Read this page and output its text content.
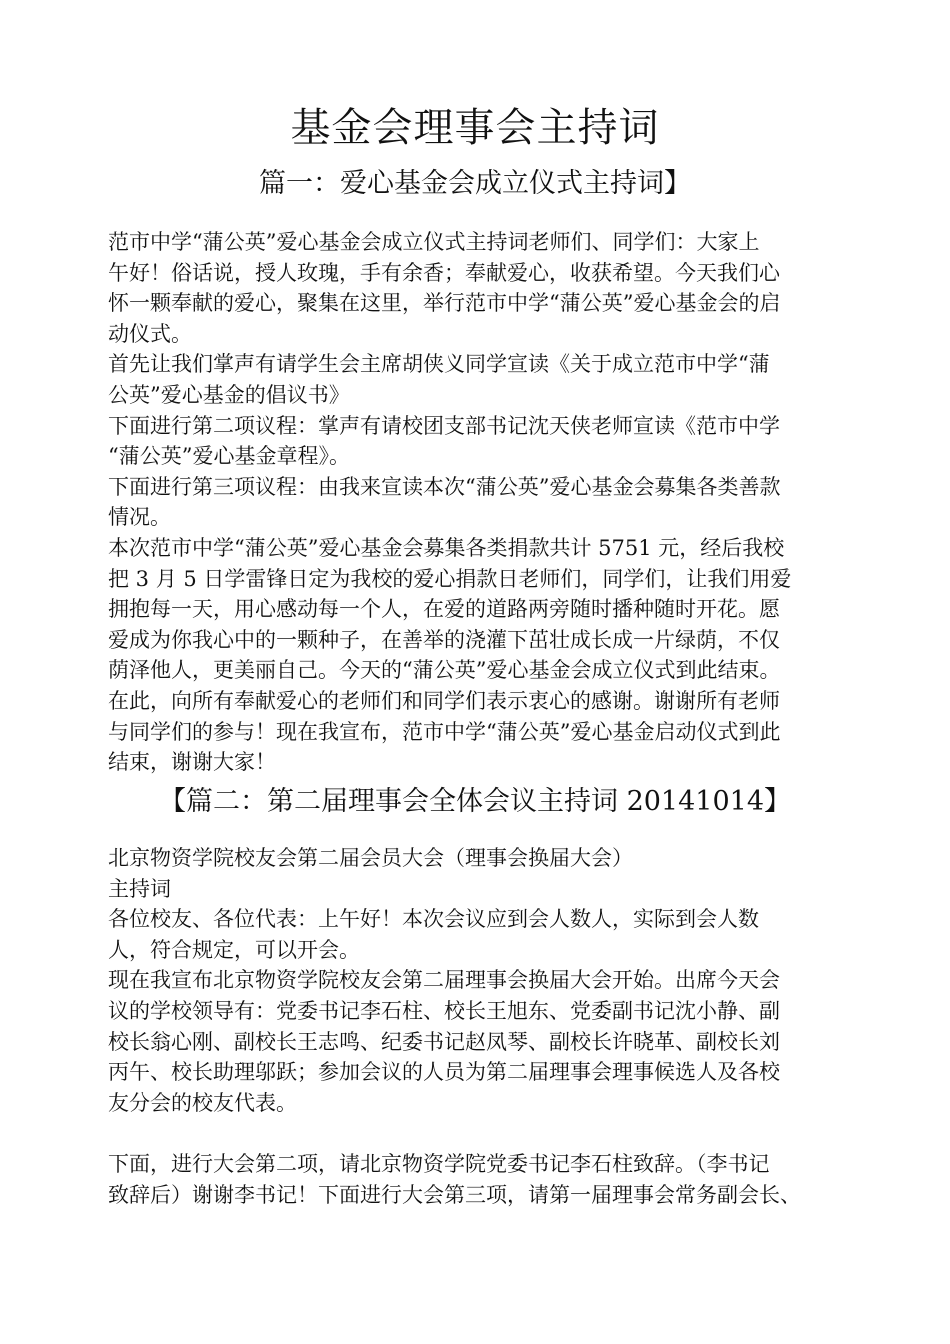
基金会理事会主持词
篇一：爱心基金会成立仪式主持词】
范市中学“蒲公英”爱心基金会成立仪式主持词老师们、同学们：大家上
午好！俗话说，授人玫瑰，手有余香；奉献爱心，收获希望。今天我们心
怀一颗奉献的爱心，聚集在这里，举行范市中学“蒲公英”爱心基金会的启
动仪式。
首先让我们掌声有请学生会主席胡侠义同学宣读《关于成立范市中学“蒲
公英”爱心基金的倡议书》
下面进行第二项议程：掌声有请校团支部书记沈天侠老师宣读《范市中学
“蒲公英”爱心基金章程》。
下面进行第三项议程：由我来宣读本次“蒲公英”爱心基金会募集各类善款
情况。
本次范市中学“蒲公英”爱心基金会募集各类捐款共计 5751 元，经后我校
把 3 月 5 日学雷锋日定为我校的爱心捐款日老师们，同学们，让我们用爱
拥抱每一天，用心感动每一个人，在爱的道路两旁随时播种随时开花。愿
爱成为你我心中的一颗种子，在善举的浇灌下茁壮成长成一片绿荫，不仅
荫泽他人，更美丽自己。今天的“蒲公英”爱心基金会成立仪式到此结束。
在此，向所有奉献爱心的老师们和同学们表示衷心的感谢。谢谢所有老师
与同学们的参与！现在我宣布，范市中学“蒲公英”爱心基金启动仪式到此
结束，谢谢大家！
【篇二：第二届理事会全体会议主持词 20141014】
北京物资学院校友会第二届会员大会（理事会换届大会）
主持词
各位校友、各位代表：上午好！本次会议应到会人数人，实际到会人数
人，符合规定，可以开会。
现在我宣布北京物资学院校友会第二届理事会换届大会开始。出席今天会
议的学校领导有：党委书记李石柱、校长王旭东、党委副书记沈小静、副
校长翁心刚、副校长王志鸣、纪委书记赵凤琴、副校长许晓革、副校长刘
丙午、校长助理邬跃；参加会议的人员为第二届理事会理事候选人及各校
友分会的校友代表。
下面，进行大会第二项，请北京物资学院党委书记李石柱致辞。（李书记
致辞后）谢谢李书记！下面进行大会第三项，请第一届理事会常务副会长、
